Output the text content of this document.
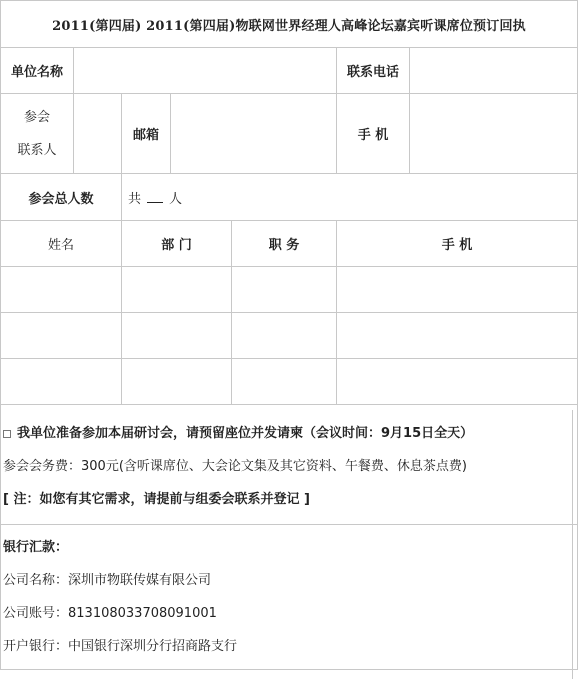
2011(第四届) 2011(第四届)物联网世界经理人高峰论坛嘉宾听课席位预订回执						
单位名称					联系电话	

参会
联系人		邮箱			手 机	
参会总人数		共 人				
姓名		部 门		职 务	手 机	

我单位准备参加本届研讨会，请预留座位并发请柬（会议时间：9月15日全天）
参会会务费：300元(含听课席位、大会论文集及其它资料、午餐费、休息茶点费)
[ 注：如您有其它需求，请提前与组委会联系并登记 ]						

银行汇款：
公司名称：深圳市物联传媒有限公司
公司账号：813108033708091001
开户银行：中国银行深圳分行招商路支行						
